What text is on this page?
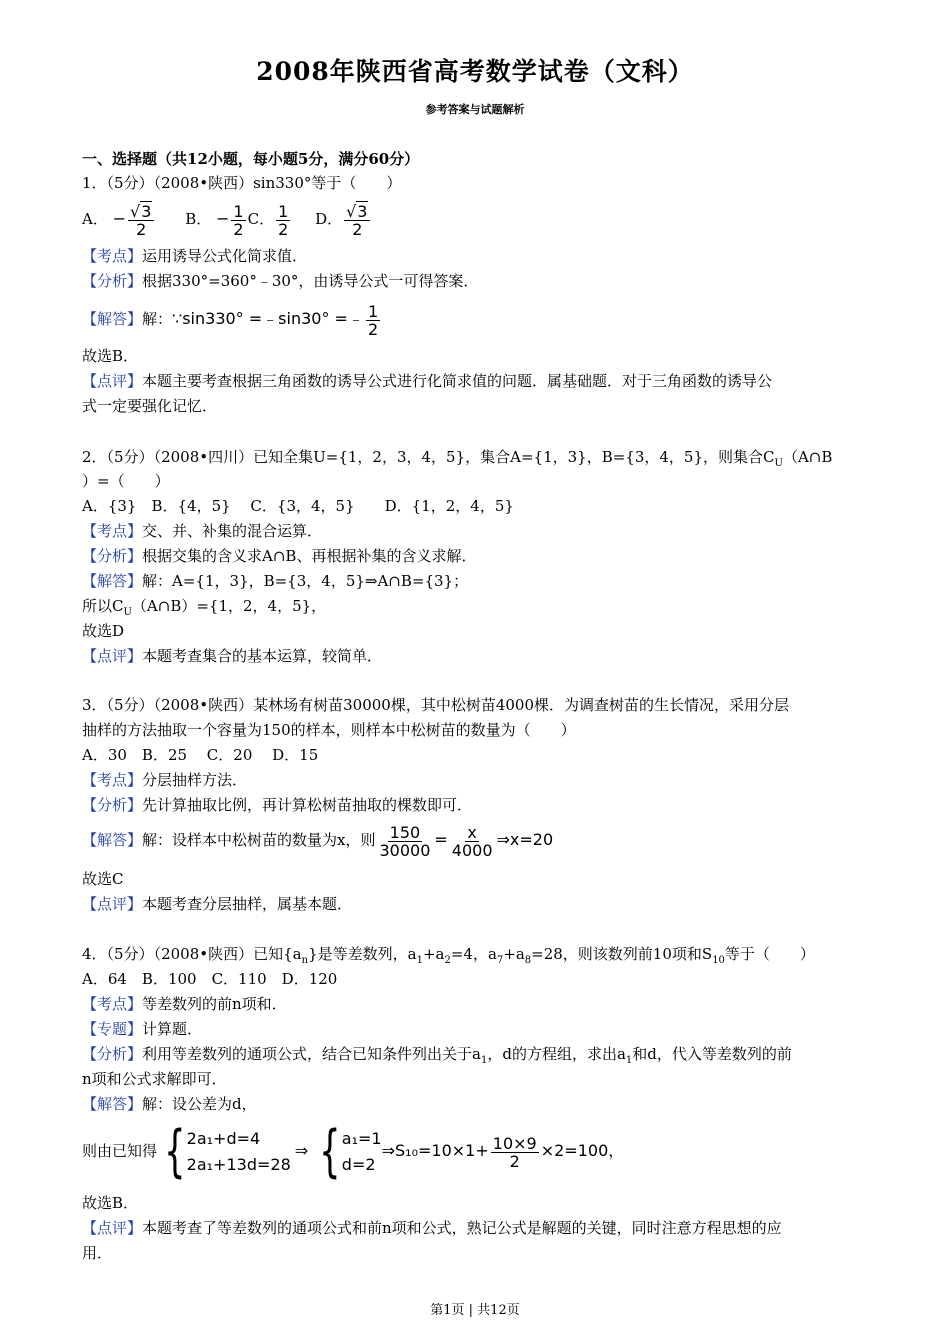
2008年陕西省高考数学试卷（文科）
参考答案与试题解析
一、选择题（共12小题，每小题5分，满分60分）
1．（5分）（2008•陕西）sin330°等于（　　）
A． − $\frac{√3}{2}$ B． − $\frac{1}{2}$ C． $\frac{1}{2}$ D． $\frac{√3}{2}$
【考点】运用诱导公式化简求值．
【分析】根据330°=360°﹣30°，由诱导公式一可得答案．
【解答】解：∵sin330° =﹣sin30° =﹣ $\frac{1}{2}$
故选B．
【点评】本题主要考查根据三角函数的诱导公式进行化简求值的问题．属基础题．对于三角函数的诱导公
式一定要强化记忆．
2．（5分）（2008•四川）已知全集U={1，2，3，4，5}，集合A={1，3}，B={3，4，5}，则集合$C_U(A\cap B$
）=（　　）
A．{3}　B．{4，5}　 C．{3，4，5}　　D．{1，2，4，5}
【考点】交、并、补集的混合运算．
【分析】根据交集的含义求A∩B、再根据补集的含义求解．
【解答】解：A={1，3}，B={3，4，5}⇒A∩B={3}；
所以$C_U(A\cap B)=\{1$，2，4，5}，
故选D
【点评】本题考查集合的基本运算，较简单．
3．（5分）（2008•陕西）某林场有树苗30000棵，其中松树苗4000棵．为调查树苗的生长情况，采用分层
抽样的方法抽取一个容量为150的样本，则样本中松树苗的数量为（　　）
A．30　B．25　 C．20　 D．15
【考点】分层抽样方法．
【分析】先计算抽取比例，再计算松树苗抽取的棵数即可．
【解答】解：设样本中松树苗的数量为x，则 $\frac{150}{30000} = \frac{x}{4000}$ ⇒x=20
故选C
【点评】本题考查分层抽样，属基本题．
4．（5分）（2008•陕西）已知$\{a_n\}$是等差数列，$a_1+a_2=4$，$a_7+a_8=28$，则该数列前10项和$S_{10}$等于（　　）
A．64　B．100　C．110　D．120
【考点】等差数列的前n项和．
【专题】计算题．
【分析】利用等差数列的通项公式，结合已知条件列出关于$a_1$，d的方程组，求出$a_1$和d，代入等差数列的前
n项和公式求解即可．
【解答】解：设公差为d，
则由已知得 { 2a₁+d=4
2a₁+13d=28
⇒ { a₁=1
d=2
⇒S₁₀=10×1+ $\frac{10\times 9}{2} \times 2=100$，
故选B．
【点评】本题考查了等差数列的通项公式和前n项和公式，熟记公式是解题的关键，同时注意方程思想的应
用．
第1页 | 共12页
